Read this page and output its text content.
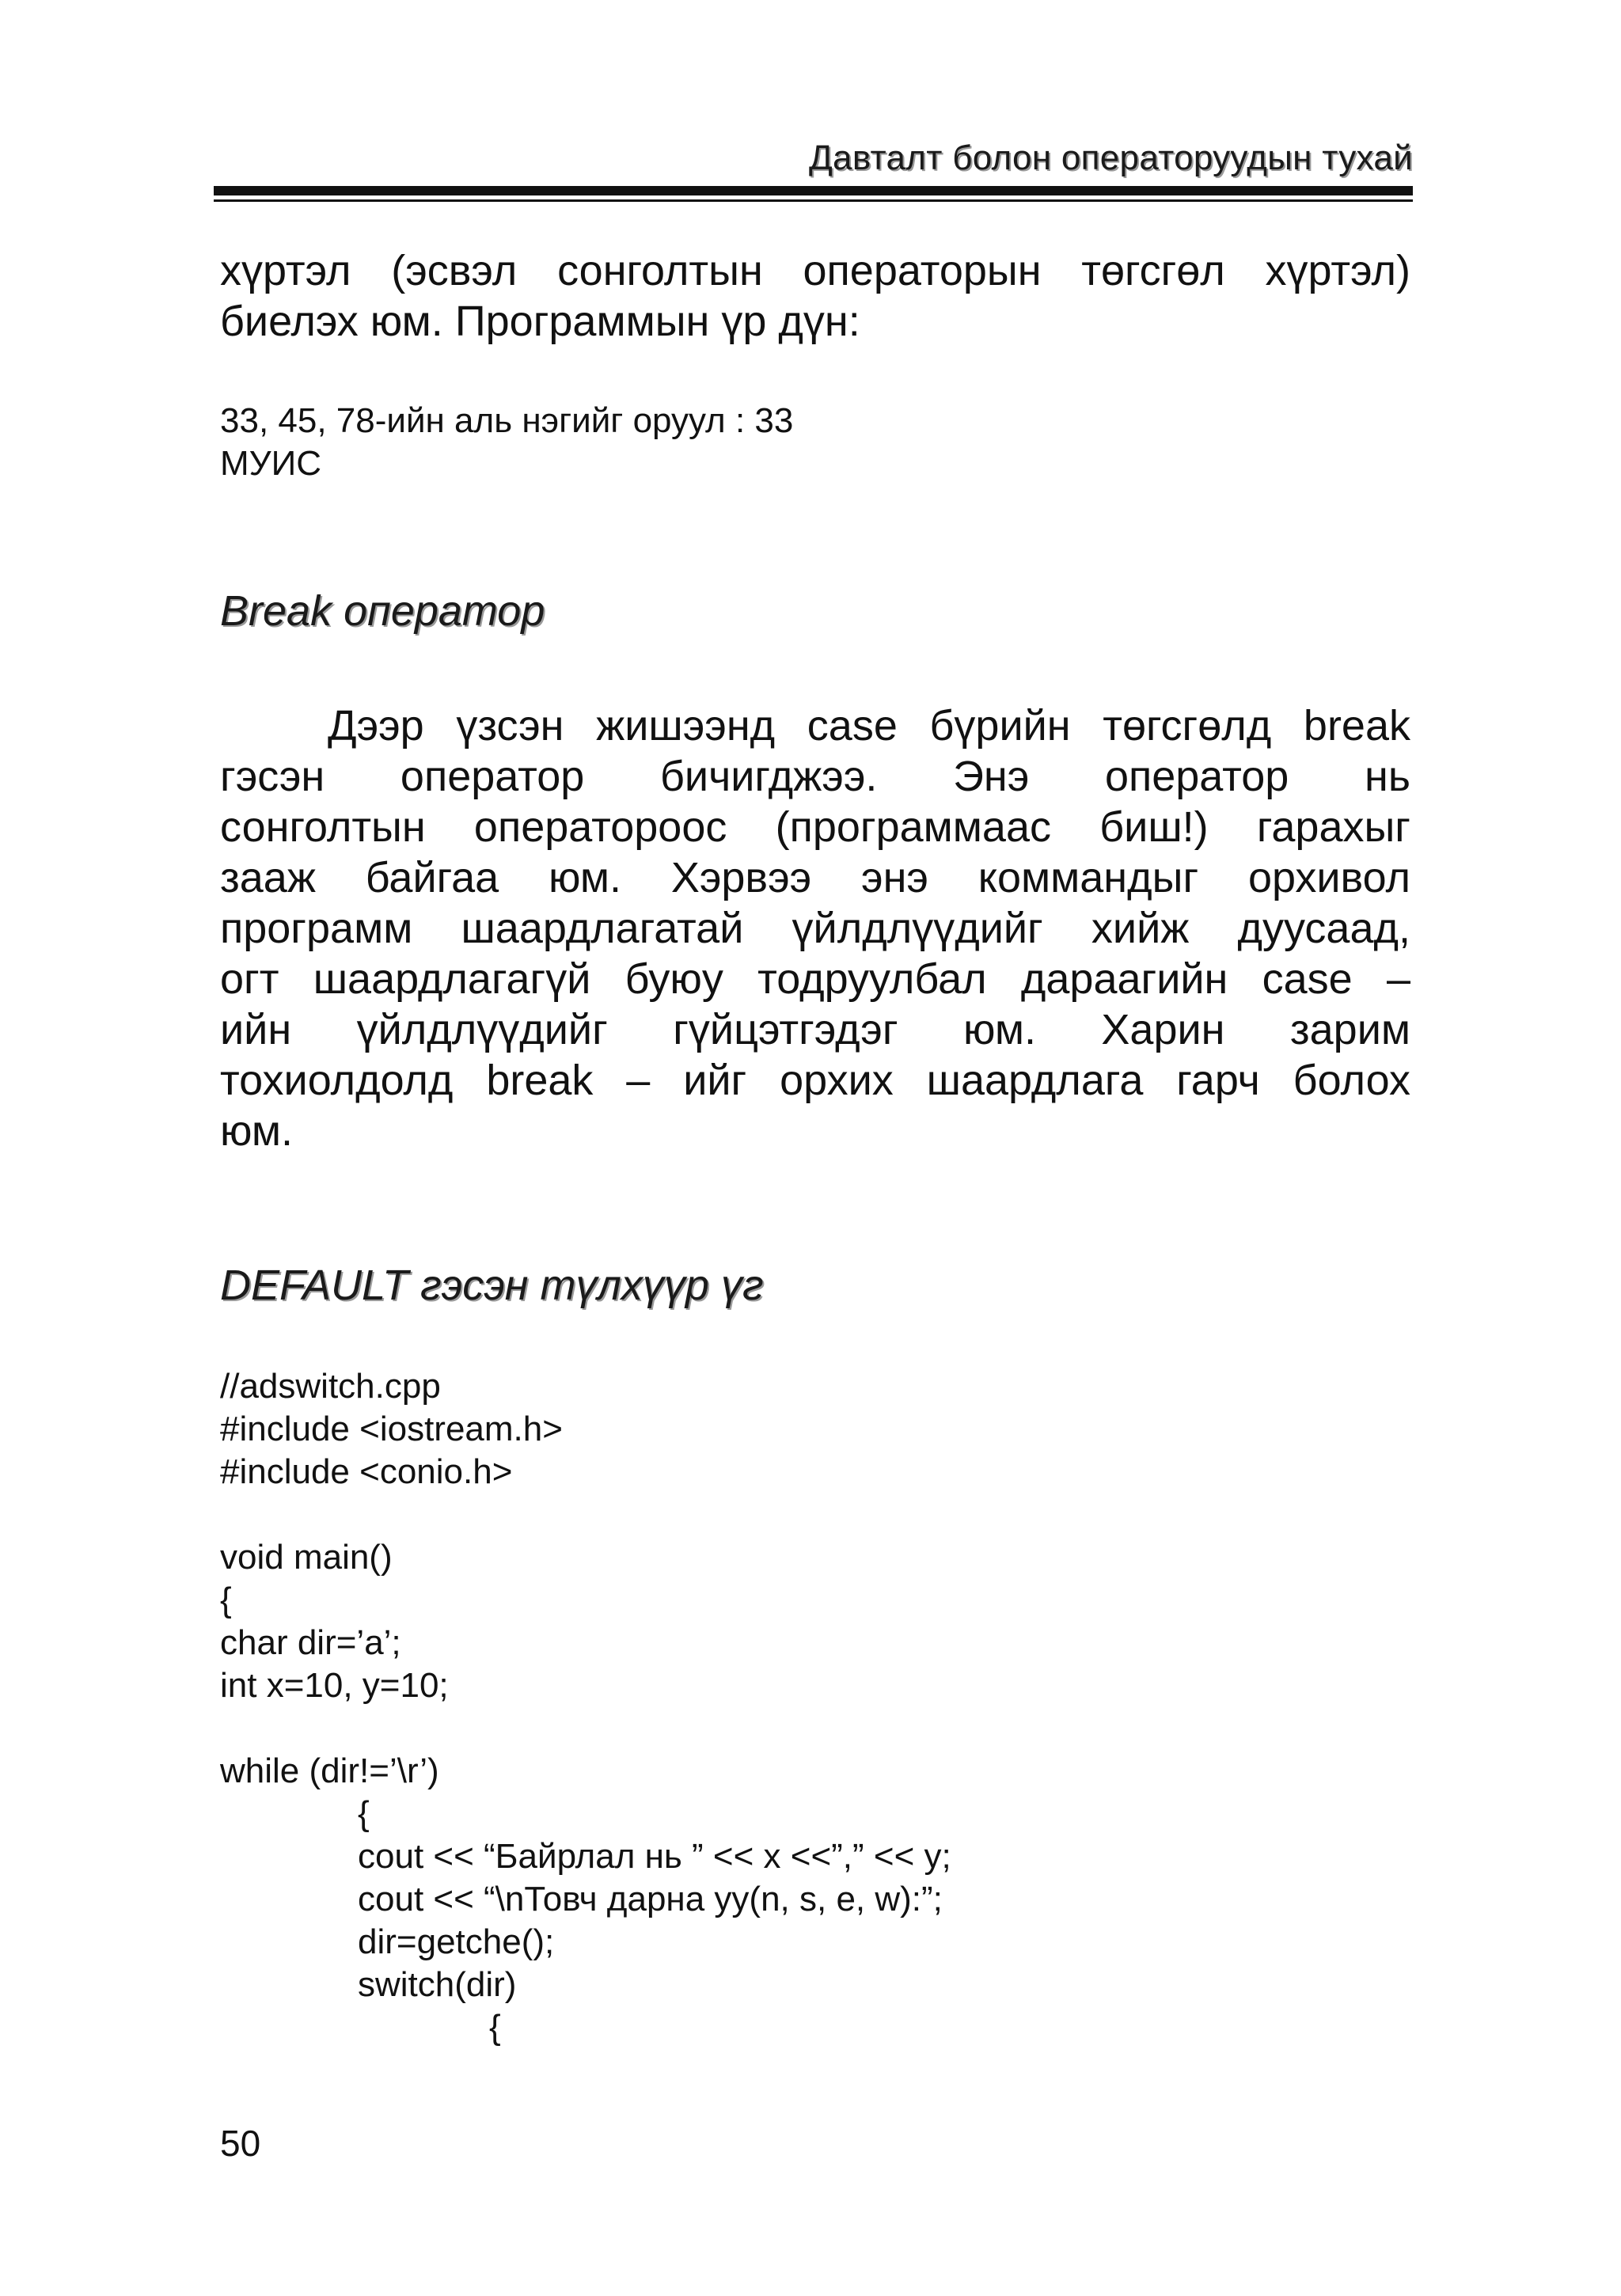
Давталт болон операторуудын тухай
хүртэл (эсвэл сонголтын операторын төгсгөл хүртэл)
биелэх юм. Программын үр дүн:
33, 45, 78-ийн аль нэгийг оруул : 33
МУИС
Break оператор
Дээр үзсэн жишээнд case бүрийн төгсгөлд break
гэсэн оператор бичигджээ. Энэ оператор нь
сонголтын оператороос (программаас биш!) гарахыг
зааж байгаа юм. Хэрвээ энэ коммандыг орхивол
программ шаардлагатай үйлдлүүдийг хийж дуусаад,
огт шаардлагагүй буюу тодруулбал дараагийн case –
ийн үйлдлүүдийг гүйцэтгэдэг юм. Харин зарим
тохиолдолд break – ийг орхих шаардлага гарч болох
юм.
DEFAULT гэсэн түлхүүр үг
//adswitch.cpp
#include <iostream.h>
#include <conio.h>
void main()
{
char dir=’a’;
int x=10, y=10;
while (dir!=’\r’)
{
cout << “Байрлал нь ” << x <<”,” << y;
cout << “\nТовч дарна уу(n, s, e, w):”;
dir=getche();
switch(dir)
{
50
